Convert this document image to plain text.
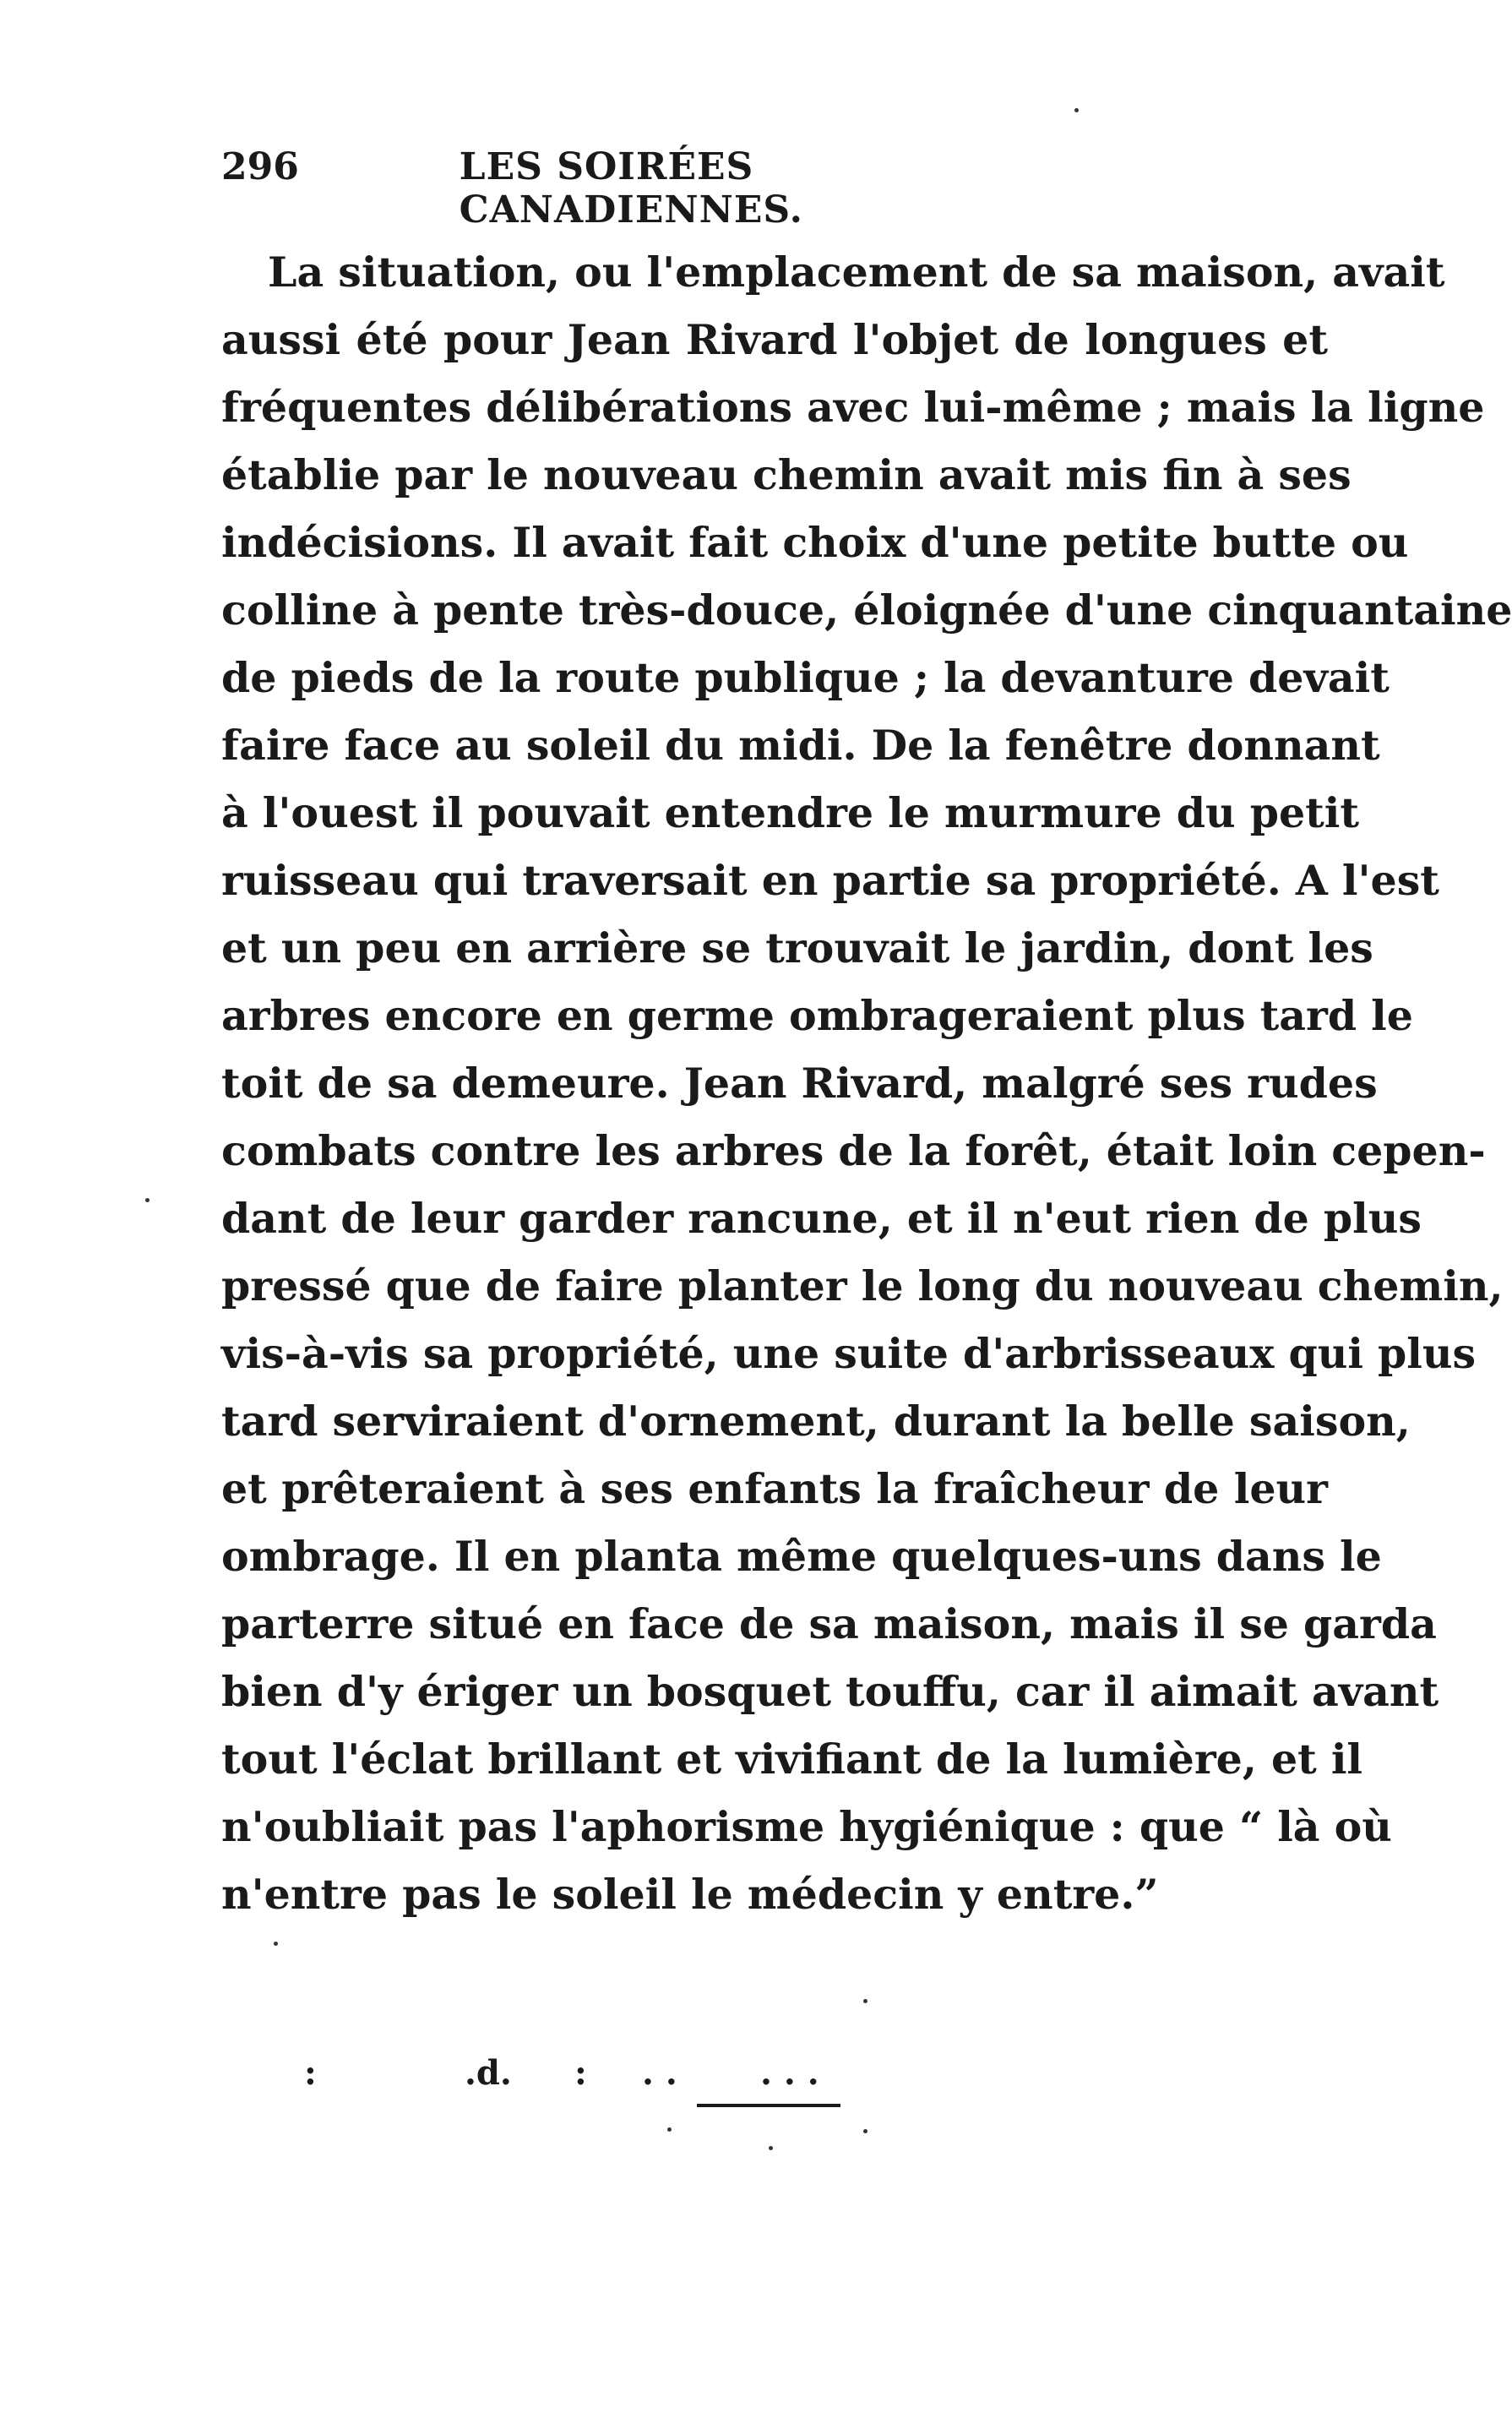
296	LES SOIRÉES CANADIENNES.
La situation, ou l'emplacement de sa maison, avait
aussi été pour Jean Rivard l'objet de longues et
fréquentes délibérations avec lui-même ; mais la ligne
établie par le nouveau chemin avait mis fin à ses
indécisions. Il avait fait choix d'une petite butte ou
colline à pente très-douce, éloignée d'une cinquantaine
de pieds de la route publique ; la devanture devait
faire face au soleil du midi. De la fenêtre donnant
à l'ouest il pouvait entendre le murmure du petit
ruisseau qui traversait en partie sa propriété. A l'est
et un peu en arrière se trouvait le jardin, dont les
arbres encore en germe ombrageraient plus tard le
toit de sa demeure. Jean Rivard, malgré ses rudes
combats contre les arbres de la forêt, était loin cepen-
dant de leur garder rancune, et il n'eut rien de plus
pressé que de faire planter le long du nouveau chemin,
vis-à-vis sa propriété, une suite d'arbrisseaux qui plus
tard serviraient d'ornement, durant la belle saison,
et prêteraient à ses enfants la fraîcheur de leur
ombrage. Il en planta même quelques-uns dans le
parterre situé en face de sa maison, mais il se garda
bien d'y ériger un bosquet touffu, car il aimait avant
tout l'éclat brillant et vivifiant de la lumière, et il
n'oubliait pas l'aphorisme hygiénique : que “ là où
n'entre pas le soleil le médecin y entre.”
:	.d. : . . . . .
